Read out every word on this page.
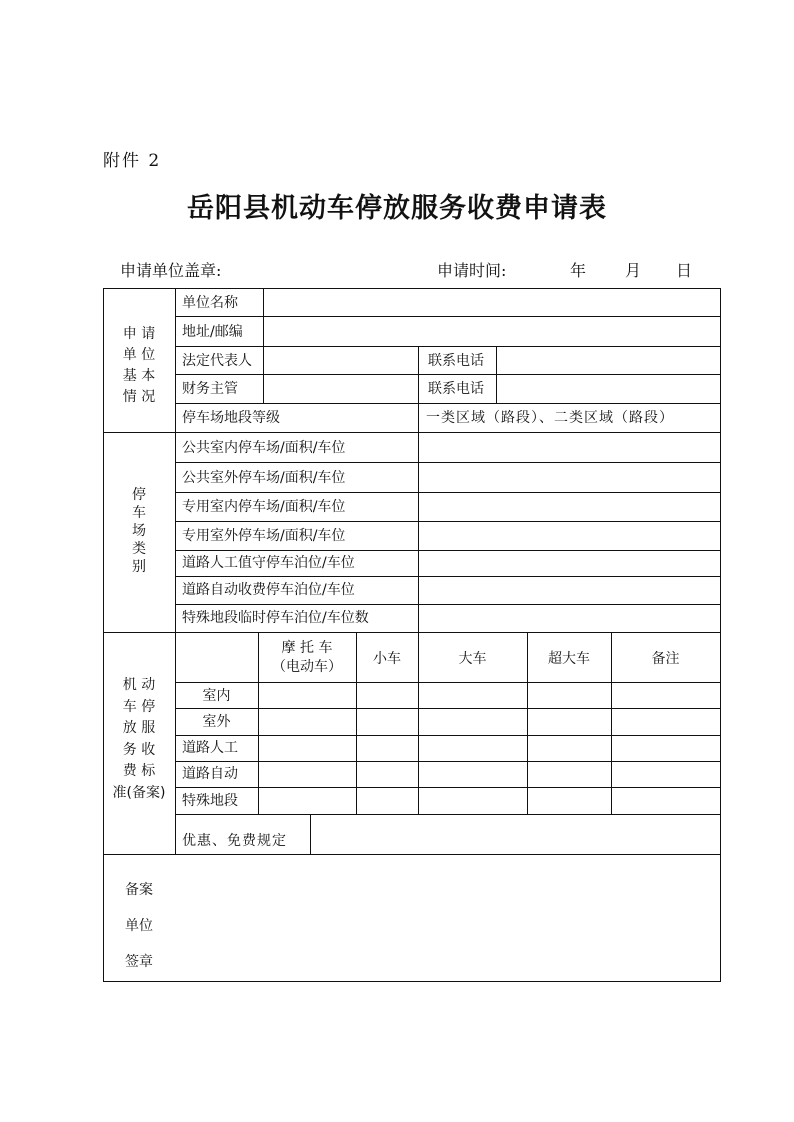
附件 2
岳阳县机动车停放服务收费申请表
申请单位盖章:	申请时间:	年 月 日
申 请
单 位
基 本
情 况
单位名称
地址/邮编
法定代表人	联系电话
财务主管	联系电话
停车场地段等级	一类区域（路段）、二类区域（路段）
停
车
场
类
别
公共室内停车场/面积/车位
公共室外停车场/面积/车位
专用室内停车场/面积/车位
专用室外停车场/面积/车位
道路人工值守停车泊位/车位
道路自动收费停车泊位/车位
特殊地段临时停车泊位/车位数
机 动
车 停
放 服
务 收
费 标
准(备案)
摩 托 车
（电动车）	小车	大车	超大车	备注
室内
室外
道路人工
道路自动
特殊地段
优惠、免费规定
备案
单位
签章
